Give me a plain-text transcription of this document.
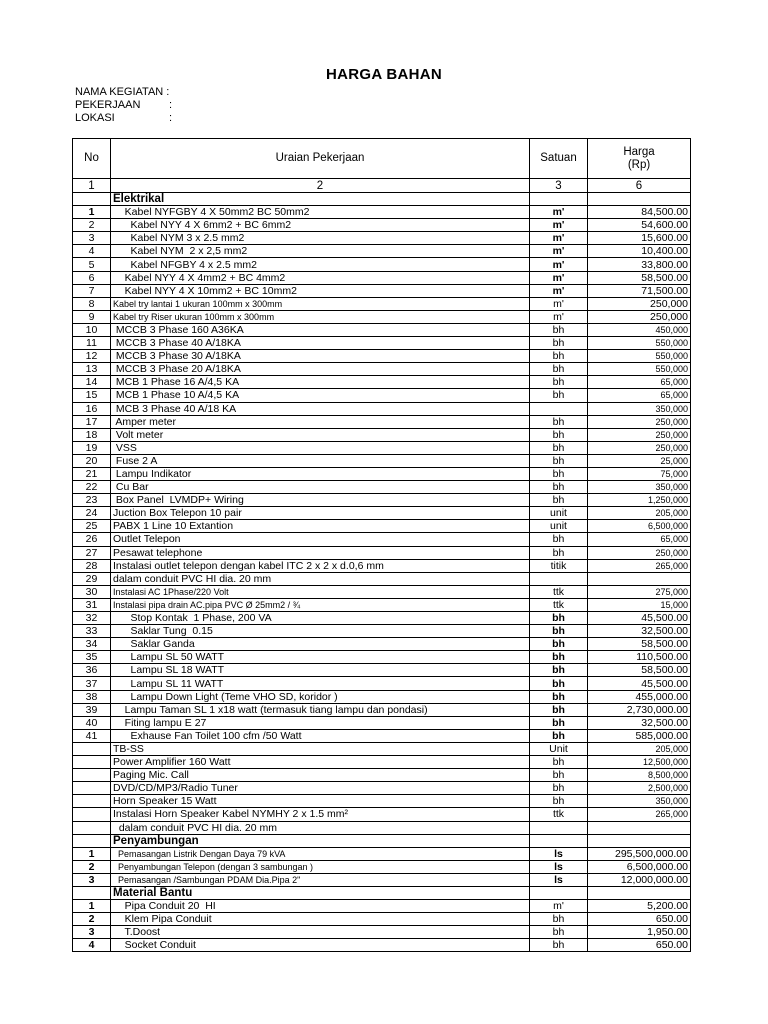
HARGA BAHAN
NAMA KEGIATAN :
PEKERJAAN	:
LOKASI	:
No	Uraian Pekerjaan	Satuan	Harga (Rp)
1	2	3	6
	Elektrikal		
1	Kabel NYFGBY 4 X 50mm2 BC 50mm2	m'	84,500.00
2	Kabel NYY 4 X 6mm2 + BC 6mm2	m'	54,600.00
3	Kabel NYM 3 x 2.5 mm2	m'	15,600.00
4	Kabel NYM  2 x 2,5 mm2	m'	10,400.00
5	Kabel NFGBY 4 x 2.5 mm2	m'	33,800.00
6	Kabel NYY 4 X 4mm2 + BC 4mm2	m'	58,500.00
7	Kabel NYY 4 X 10mm2 + BC 10mm2	m'	71,500.00
8	Kabel try lantai 1 ukuran 100mm x 300mm	m'	250,000
9	Kabel try Riser ukuran 100mm x 300mm	m'	250,000
10	MCCB 3 Phase 160 A36KA	bh	450,000
11	MCCB 3 Phase 40 A/18KA	bh	550,000
12	MCCB 3 Phase 30 A/18KA	bh	550,000
13	MCCB 3 Phase 20 A/18KA	bh	550,000
14	MCB 1 Phase 16 A/4,5 KA	bh	65,000
15	MCB 1 Phase 10 A/4,5 KA	bh	65,000
16	MCB 3 Phase 40 A/18 KA		350,000
17	Amper meter	bh	250,000
18	Volt meter	bh	250,000
19	VSS	bh	250,000
20	Fuse 2 A	bh	25,000
21	Lampu Indikator	bh	75,000
22	Cu Bar	bh	350,000
23	Box Panel  LVMDP+ Wiring	bh	1,250,000
24	Juction Box Telepon 10 pair	unit	205,000
25	PABX 1 Line 10 Extantion	unit	6,500,000
26	Outlet Telepon	bh	65,000
27	Pesawat telephone	bh	250,000
28	Instalasi outlet telepon dengan kabel ITC 2 x 2 x d.0,6 mm	titik	265,000
29	dalam conduit PVC HI dia. 20 mm		
30	Instalasi AC 1Phase/220 Volt	ttk	275,000
31	Instalasi pipa drain AC.pipa PVC Ø 25mm2 / ¾	ttk	15,000
32	Stop Kontak  1 Phase, 200 VA	bh	45,500.00
33	Saklar Tung  0.15	bh	32,500.00
34	Saklar Ganda	bh	58,500.00
35	Lampu SL 50 WATT	bh	110,500.00
36	Lampu SL 18 WATT	bh	58,500.00
37	Lampu SL 11 WATT	bh	45,500.00
38	Lampu Down Light (Teme VHO SD, koridor )	bh	455,000.00
39	Lampu Taman SL 1 x18 watt (termasuk tiang lampu dan pondasi)	bh	2,730,000.00
40	Fiting lampu E 27	bh	32,500.00
41	Exhause Fan Toilet 100 cfm /50 Watt	bh	585,000.00
	TB-SS	Unit	205,000
	Power Amplifier 160 Watt	bh	12,500,000
	Paging Mic. Call	bh	8,500,000
	DVD/CD/MP3/Radio Tuner	bh	2,500,000
	Horn Speaker 15 Watt	bh	350,000
	Instalasi Horn Speaker Kabel NYMHY 2 x 1.5 mm²	ttk	265,000
	dalam conduit PVC HI dia. 20 mm		
	Penyambungan		
1	Pemasangan Listrik Dengan Daya 79 kVA	ls	295,500,000.00
2	Penyambungan Telepon (dengan 3 sambungan )	ls	6,500,000.00
3	Pemasangan /Sambungan PDAM Dia.Pipa 2"	ls	12,000,000.00
	Material Bantu		
1	Pipa Conduit 20  HI	m'	5,200.00
2	Klem Pipa Conduit	bh	650.00
3	T.Doost	bh	1,950.00
4	Socket Conduit	bh	650.00
